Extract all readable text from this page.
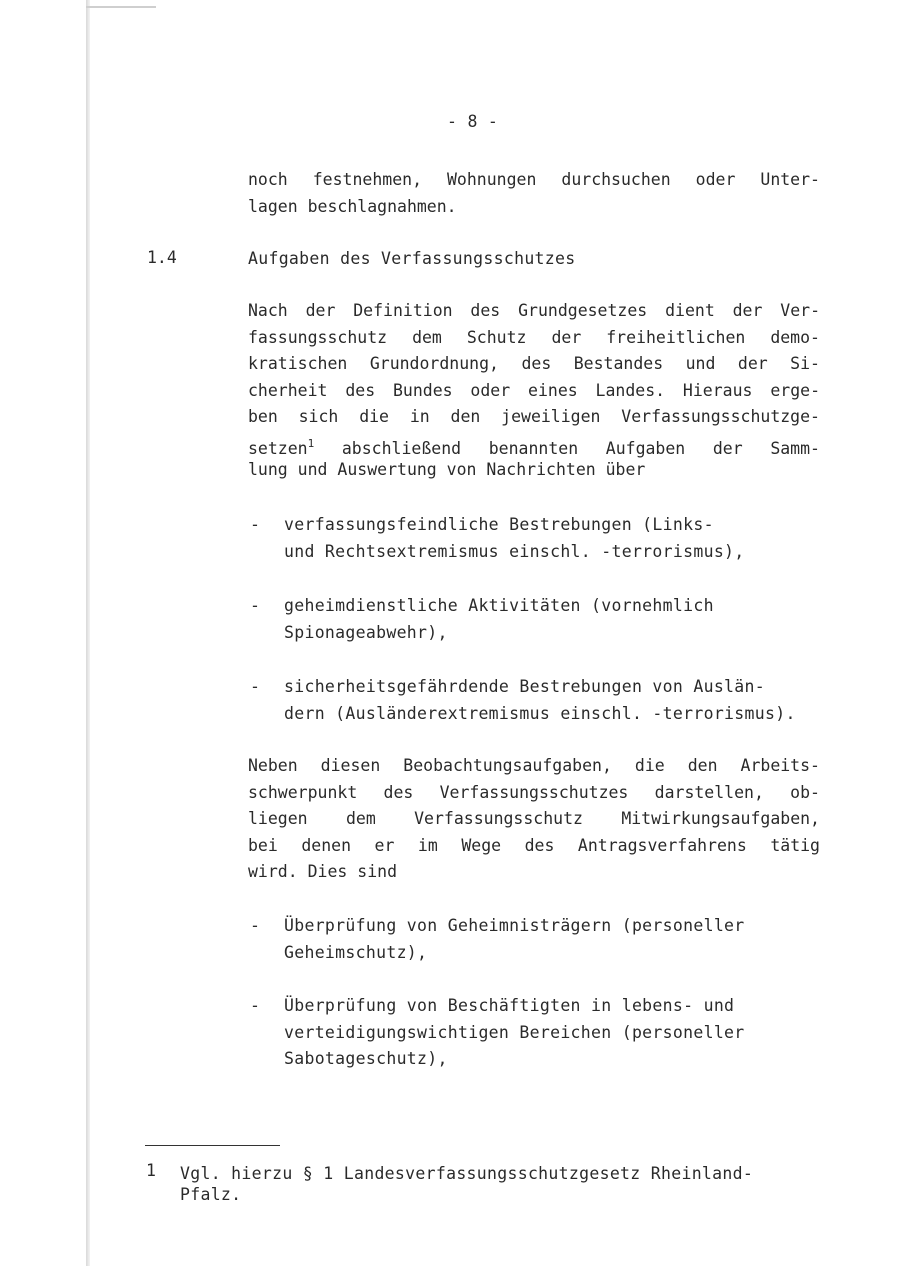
- 8 -
noch festnehmen, Wohnungen durchsuchen oder Unter-
lagen beschlagnahmen.
1.4	Aufgaben des Verfassungsschutzes
Nach der Definition des Grundgesetzes dient der Ver-
fassungsschutz dem Schutz der freiheitlichen demo-
kratischen Grundordnung, des Bestandes und der Si-
cherheit des Bundes oder eines Landes. Hieraus erge-
ben sich die in den jeweiligen Verfassungsschutzge-
setzen$^1$ abschließend benannten Aufgaben der Samm-
lung und Auswertung von Nachrichten über
- verfassungsfeindliche Bestrebungen (Links-
und Rechtsextremismus einschl. -terrorismus),
- geheimdienstliche Aktivitäten (vornehmlich
Spionageabwehr),
- sicherheitsgefährdende Bestrebungen von Auslän-
dern (Ausländerextremismus einschl. -terrorismus).
Neben diesen Beobachtungsaufgaben, die den Arbeits-
schwerpunkt des Verfassungsschutzes darstellen, ob-
liegen dem Verfassungsschutz Mitwirkungsaufgaben,
bei denen er im Wege des Antragsverfahrens tätig
wird. Dies sind
- Überprüfung von Geheimnisträgern (personeller
Geheimschutz),
- Überprüfung von Beschäftigten in lebens- und
verteidigungswichtigen Bereichen (personeller
Sabotageschutz),
1 Vgl. hierzu § 1 Landesverfassungsschutzgesetz Rheinland-
Pfalz.
